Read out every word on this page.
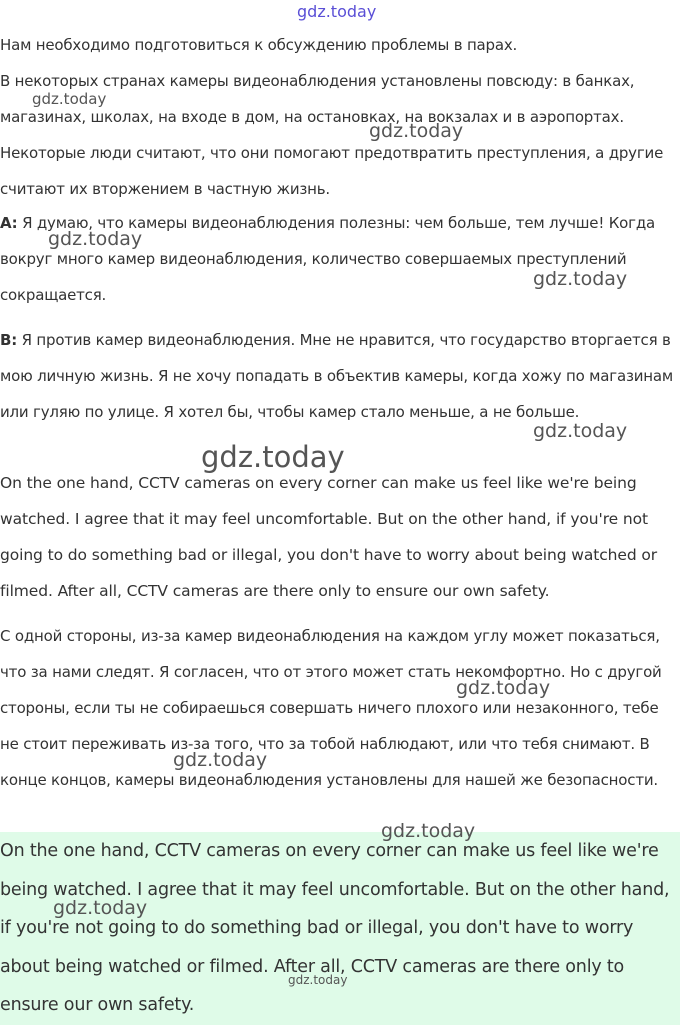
Нам необходимо подготовиться к обсуждению проблемы в парах.

В некоторых странах камеры видеонаблюдения установлены повсюду: в банках, магазинах, школах, на входе в дом, на остановках, на вокзалах и в аэропортах. Некоторые люди считают, что они помогают предотвратить преступления, а другие считают их вторжением в частную жизнь.

A: Я думаю, что камеры видеонаблюдения полезны: чем больше, тем лучше! Когда вокруг много камер видеонаблюдения, количество совершаемых преступлений сокращается.

B: Я против камер видеонаблюдения. Мне не нравится, что государство вторгается в мою личную жизнь. Я не хочу попадать в объектив камеры, когда хожу по магазинам или гуляю по улице. Я хотел бы, чтобы камер стало меньше, а не больше.

On the one hand, CCTV cameras on every corner can make us feel like we're being watched. I agree that it may feel uncomfortable. But on the other hand, if you're not going to do something bad or illegal, you don't have to worry about being watched or filmed. After all, CCTV cameras are there only to ensure our own safety.

С одной стороны, из-за камер видеонаблюдения на каждом углу может показаться, что за нами следят. Я согласен, что от этого может стать некомфортно. Но с другой стороны, если ты не собираешься совершать ничего плохого или незаконного, тебе не стоит переживать из-за того, что за тобой наблюдают, или что тебя снимают. В конце концов, камеры видеонаблюдения установлены для нашей же безопасности.

On the one hand, CCTV cameras on every corner can make us feel like we're being watched. I agree that it may feel uncomfortable. But on the other hand, if you're not going to do something bad or illegal, you don't have to worry about being watched or filmed. After all, CCTV cameras are there only to ensure our own safety.

gdz.today
gdz.today
gdz.today
gdz.today
gdz.today
gdz.today
gdz.today
gdz.today
gdz.today
gdz.today
gdz.today
gdz.today
